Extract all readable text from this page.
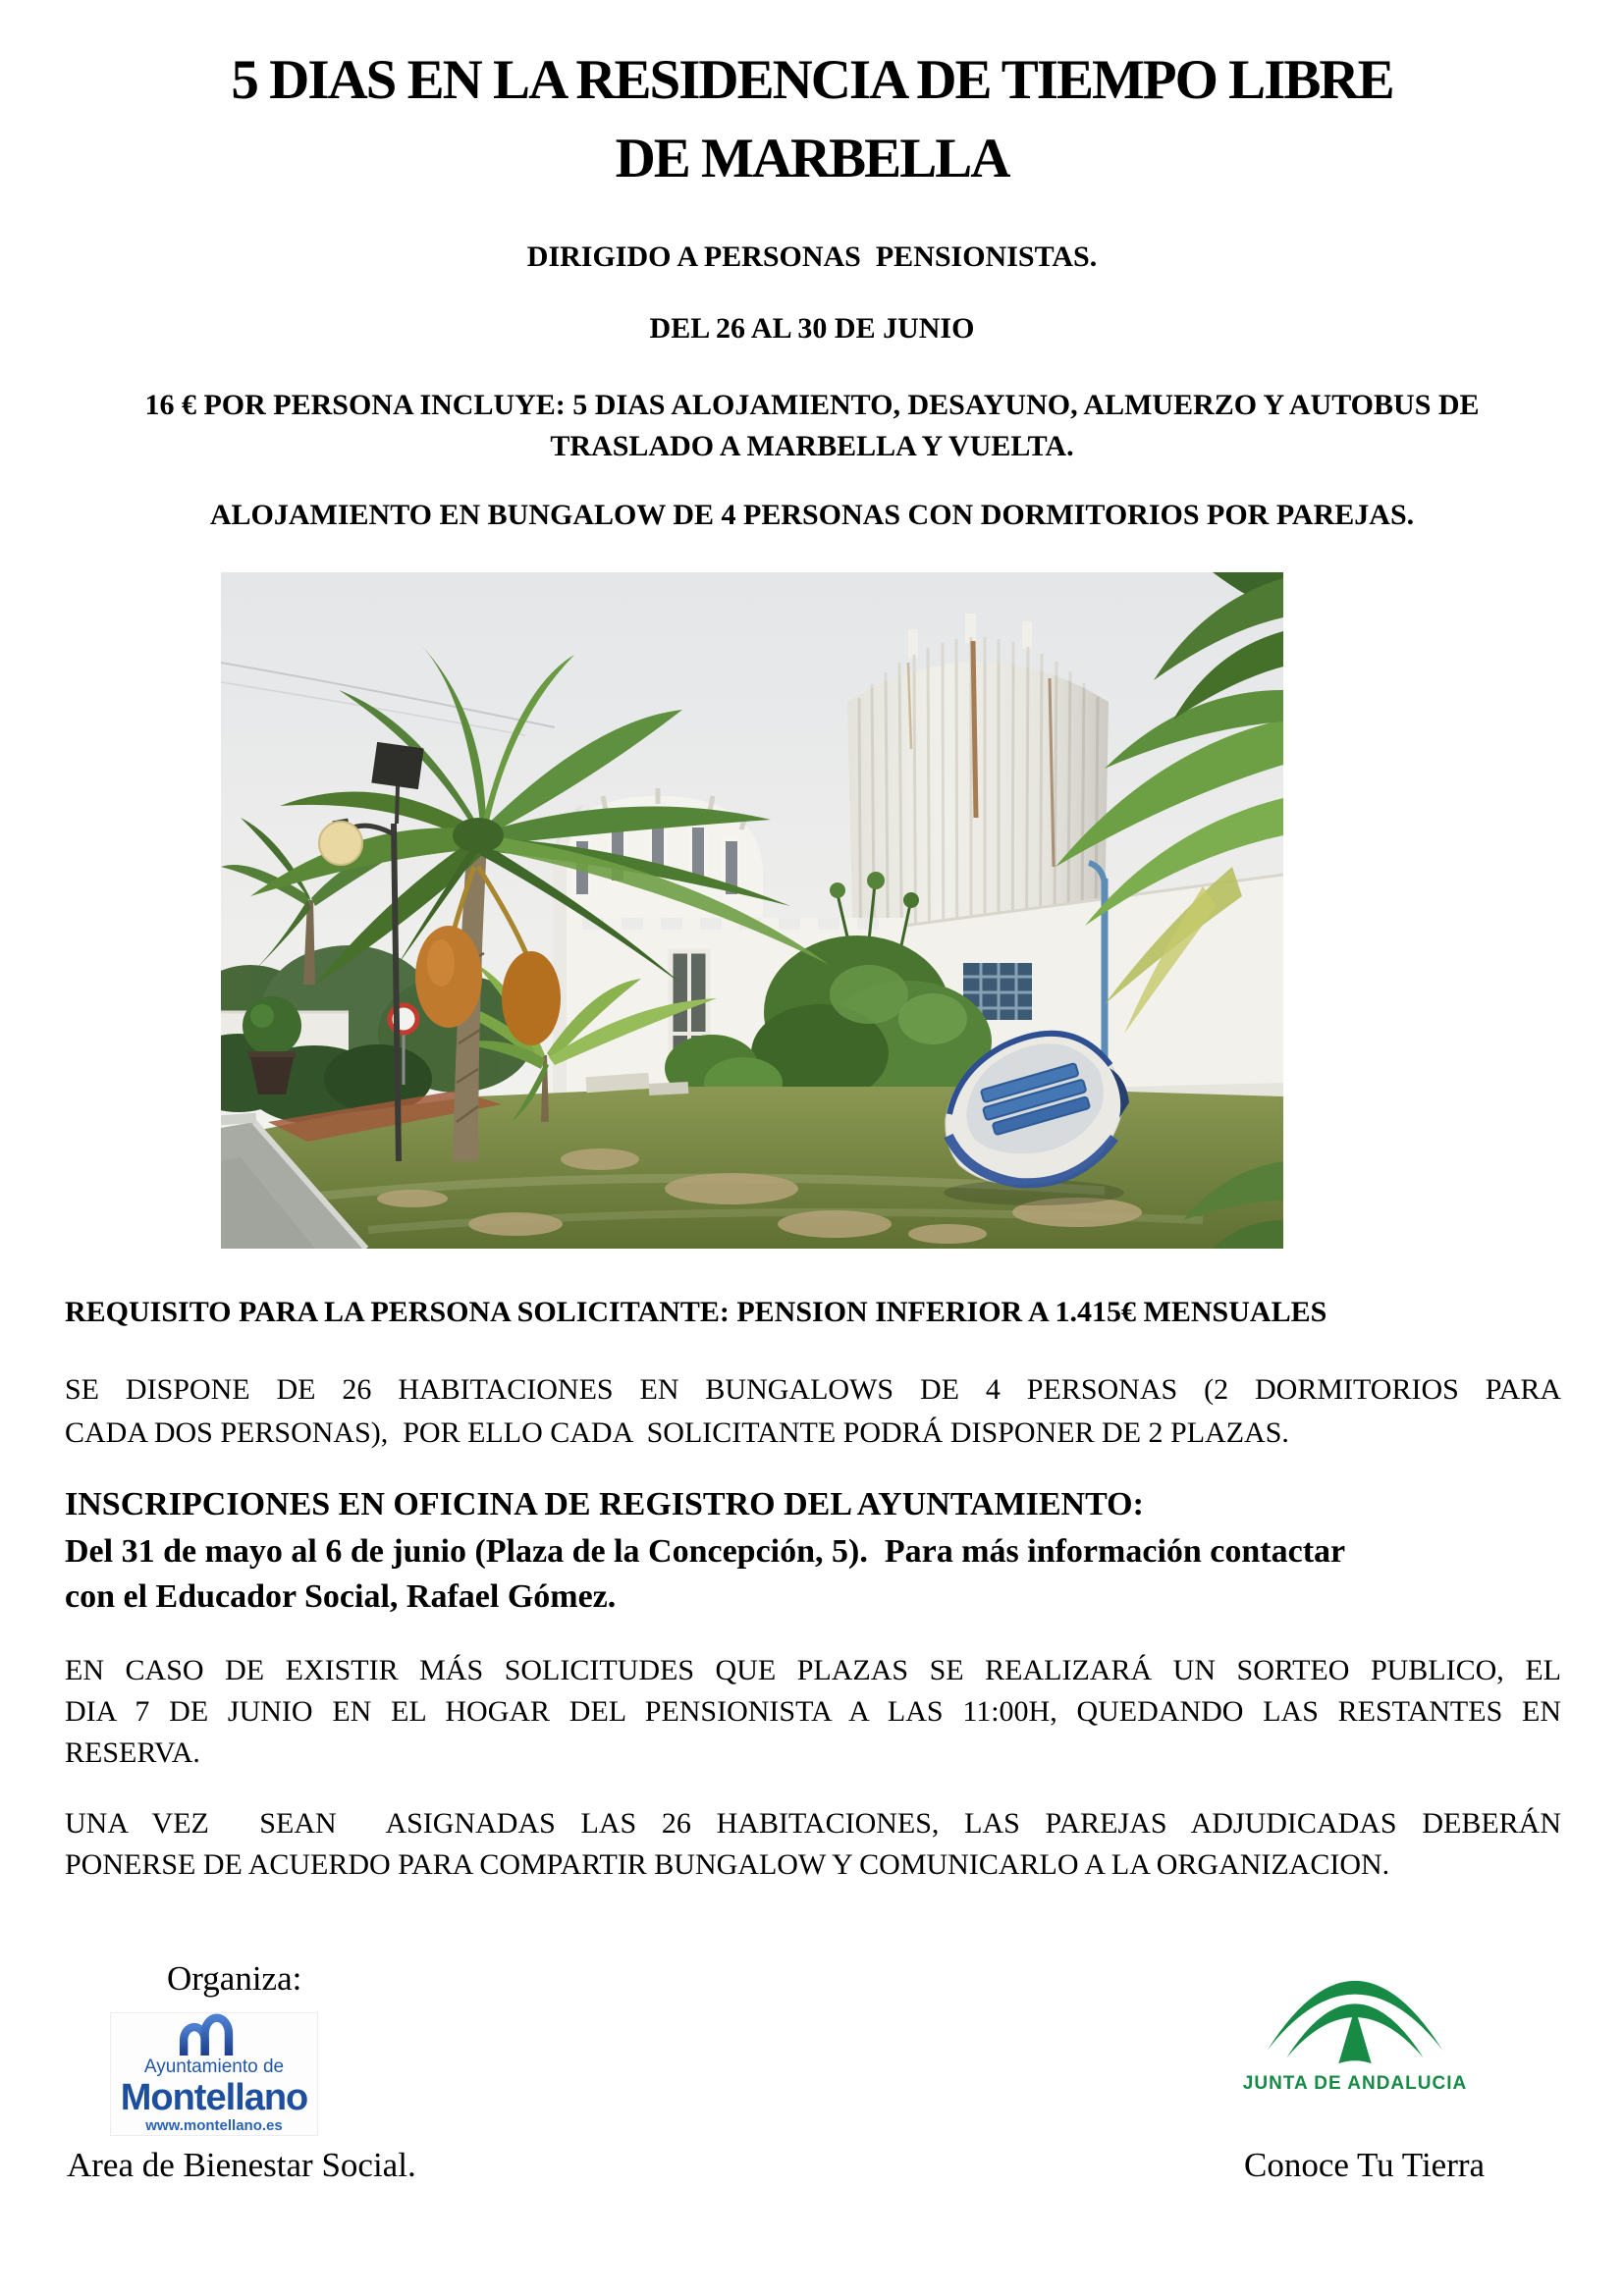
5 DIAS EN LA RESIDENCIA DE TIEMPO LIBRE
DE MARBELLA
DIRIGIDO A PERSONAS  PENSIONISTAS.
DEL 26 AL 30 DE JUNIO
16 € POR PERSONA INCLUYE: 5 DIAS ALOJAMIENTO, DESAYUNO, ALMUERZO Y AUTOBUS DE
TRASLADO A MARBELLA Y VUELTA.
ALOJAMIENTO EN BUNGALOW DE 4 PERSONAS CON DORMITORIOS POR PAREJAS.
REQUISITO PARA LA PERSONA SOLICITANTE: PENSION INFERIOR A 1.415€ MENSUALES
SE DISPONE DE 26 HABITACIONES EN BUNGALOWS DE 4 PERSONAS (2 DORMITORIOS PARA
CADA DOS PERSONAS),  POR ELLO CADA  SOLICITANTE PODRÁ DISPONER DE 2 PLAZAS.
INSCRIPCIONES EN OFICINA DE REGISTRO DEL AYUNTAMIENTO:
Del 31 de mayo al 6 de junio (Plaza de la Concepción, 5).  Para más información contactar
con el Educador Social, Rafael Gómez.
EN CASO DE EXISTIR MÁS SOLICITUDES QUE PLAZAS SE REALIZARÁ UN SORTEO PUBLICO, EL
DIA 7 DE JUNIO EN EL HOGAR DEL PENSIONISTA A LAS 11:00H, QUEDANDO LAS RESTANTES EN
RESERVA.
UNA VEZ  SEAN  ASIGNADAS LAS 26 HABITACIONES, LAS PAREJAS ADJUDICADAS DEBERÁN
PONERSE DE ACUERDO PARA COMPARTIR BUNGALOW Y COMUNICARLO A LA ORGANIZACION.
Organiza:
Ayuntamiento de
Montellano
www.montellano.es
Area de Bienestar Social.
JUNTA DE ANDALUCIA
Conoce Tu Tierra
